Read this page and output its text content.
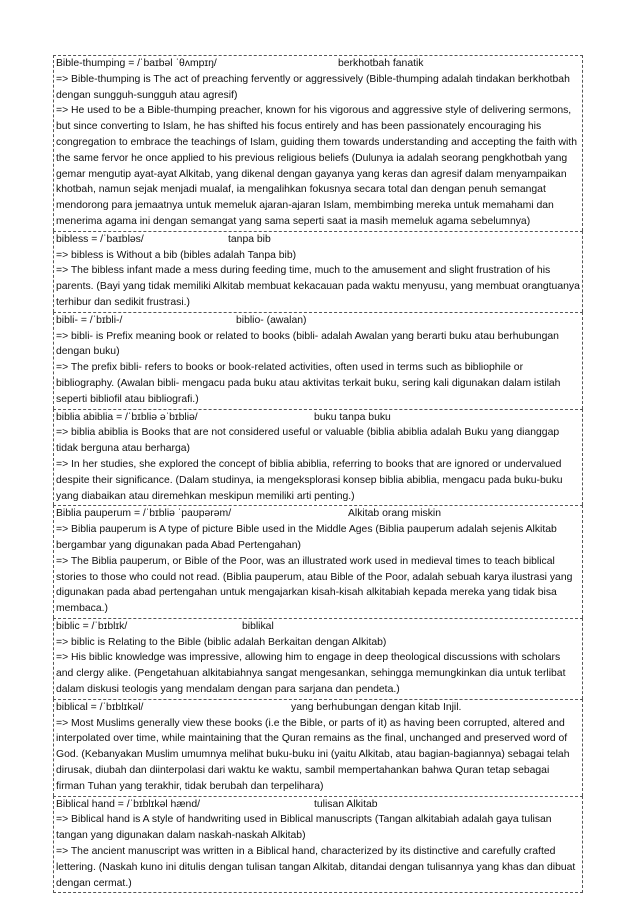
Bible-thumping = /ˈbaɪbəl ˈθʌmpɪŋ/	berkhotbah fanatik
=> Bible-thumping is The act of preaching fervently or aggressively (Bible-thumping adalah tindakan berkhotbah dengan sungguh-sungguh atau agresif)
=> He used to be a Bible-thumping preacher, known for his vigorous and aggressive style of delivering sermons, but since converting to Islam, he has shifted his focus entirely and has been passionately encouraging his congregation to embrace the teachings of Islam, guiding them towards understanding and accepting the faith with the same fervor he once applied to his previous religious beliefs (Dulunya ia adalah seorang pengkhotbah yang gemar mengutip ayat-ayat Alkitab, yang dikenal dengan gayanya yang keras dan agresif dalam menyampaikan khotbah, namun sejak menjadi mualaf, ia mengalihkan fokusnya secara total dan dengan penuh semangat mendorong para jemaatnya untuk memeluk ajaran-ajaran Islam, membimbing mereka untuk memahami dan menerima agama ini dengan semangat yang sama seperti saat ia masih memeluk agama sebelumnya)
bibless = /ˈbaɪbləs/	tanpa bib
=> bibless is Without a bib (bibles adalah Tanpa bib)
=> The bibless infant made a mess during feeding time, much to the amusement and slight frustration of his parents. (Bayi yang tidak memiliki Alkitab membuat kekacauan pada waktu menyusu, yang membuat orangtuanya terhibur dan sedikit frustrasi.)
bibli- = /ˈbɪbli-/	biblio- (awalan)
=> bibli- is Prefix meaning book or related to books (bibli- adalah Awalan yang berarti buku atau berhubungan dengan buku)
=> The prefix bibli- refers to books or book-related activities, often used in terms such as bibliophile or bibliography. (Awalan bibli- mengacu pada buku atau aktivitas terkait buku, sering kali digunakan dalam istilah seperti bibliofil atau bibliografi.)
biblia abiblia = /ˈbɪbliə əˈbɪbliə/	buku tanpa buku
=> biblia abiblia is Books that are not considered useful or valuable (biblia abiblia adalah Buku yang dianggap tidak berguna atau berharga)
=> In her studies, she explored the concept of biblia abiblia, referring to books that are ignored or undervalued despite their significance. (Dalam studinya, ia mengeksplorasi konsep biblia abiblia, mengacu pada buku-buku yang diabaikan atau diremehkan meskipun memiliki arti penting.)
Biblia pauperum = /ˈbɪbliə ˈpaʊpərəm/	Alkitab orang miskin
=> Biblia pauperum is A type of picture Bible used in the Middle Ages (Biblia pauperum adalah sejenis Alkitab bergambar yang digunakan pada Abad Pertengahan)
=> The Biblia pauperum, or Bible of the Poor, was an illustrated work used in medieval times to teach biblical stories to those who could not read. (Biblia pauperum, atau Bible of the Poor, adalah sebuah karya ilustrasi yang digunakan pada abad pertengahan untuk mengajarkan kisah-kisah alkitabiah kepada mereka yang tidak bisa membaca.)
biblic = /ˈbɪblɪk/	biblikal
=> biblic is Relating to the Bible (biblic adalah Berkaitan dengan Alkitab)
=> His biblic knowledge was impressive, allowing him to engage in deep theological discussions with scholars and clergy alike. (Pengetahuan alkitabiahnya sangat mengesankan, sehingga memungkinkan dia untuk terlibat dalam diskusi teologis yang mendalam dengan para sarjana dan pendeta.)
biblical = /ˈbɪblɪkəl/	yang berhubungan dengan kitab Injil.
=> Most Muslims generally view these books (i.e the Bible, or parts of it) as having been corrupted, altered and interpolated over time, while maintaining that the Quran remains as the final, unchanged and preserved word of God. (Kebanyakan Muslim umumnya melihat buku-buku ini (yaitu Alkitab, atau bagian-bagiannya) sebagai telah dirusak, diubah dan diinterpolasi dari waktu ke waktu, sambil mempertahankan bahwa Quran tetap sebagai firman Tuhan yang terakhir, tidak berubah dan terpelihara)
Biblical hand = /ˈbɪblɪkəl hænd/	tulisan Alkitab
=> Biblical hand is A style of handwriting used in Biblical manuscripts (Tangan alkitabiah adalah gaya tulisan tangan yang digunakan dalam naskah-naskah Alkitab)
=> The ancient manuscript was written in a Biblical hand, characterized by its distinctive and carefully crafted lettering. (Naskah kuno ini ditulis dengan tulisan tangan Alkitab, ditandai dengan tulisannya yang khas dan dibuat dengan cermat.)
